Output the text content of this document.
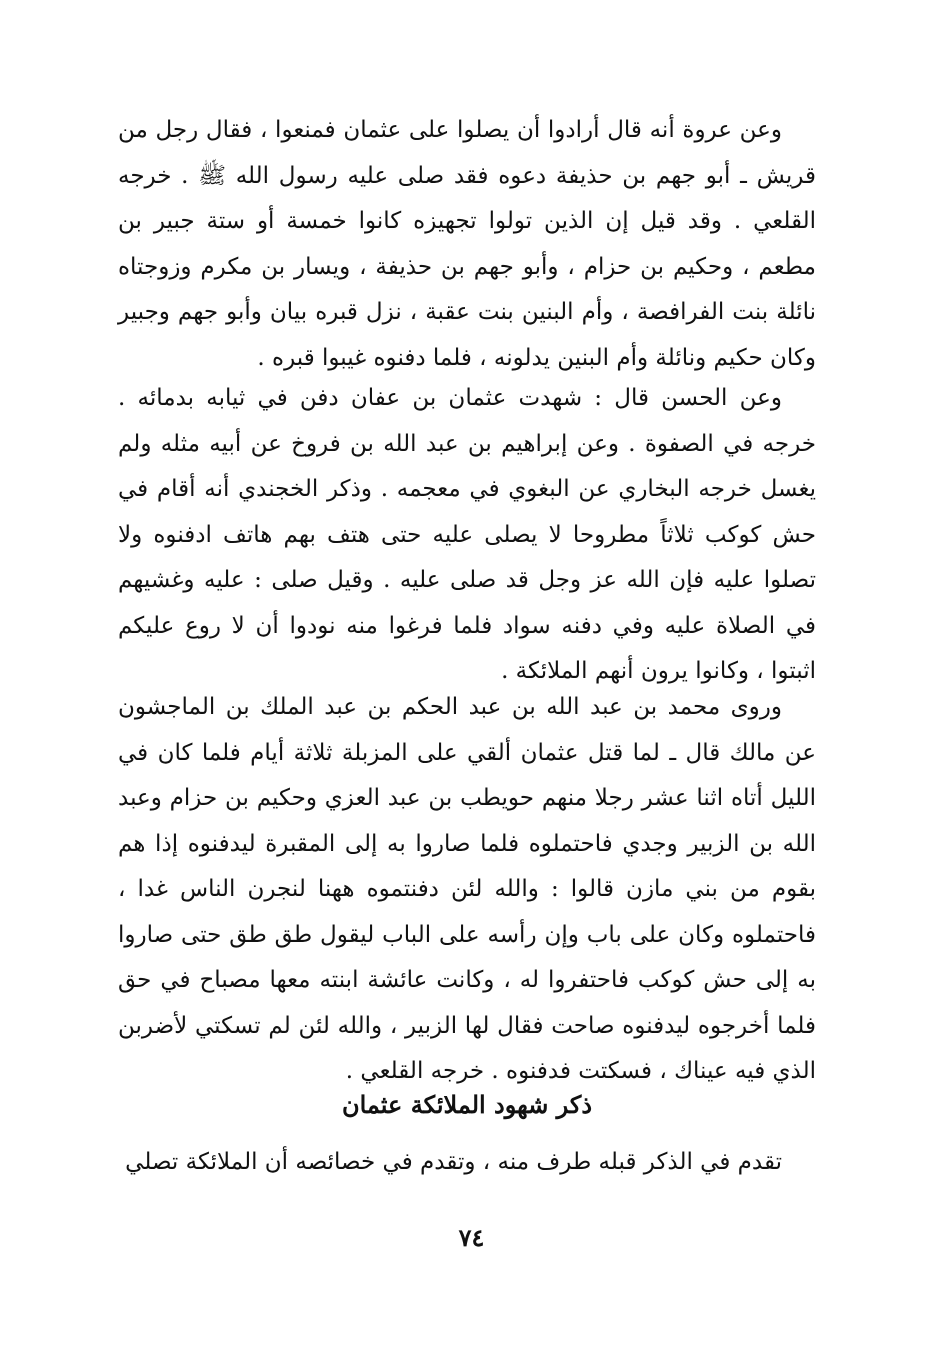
وعن عروة أنه قال أرادوا أن يصلوا على عثمان فمنعوا ، فقال رجل من قريش ـ أبو جهم بن حذيفة دعوه فقد صلى عليه رسول الله ﷺ . خرجه القلعي . وقد قيل إن الذين تولوا تجهيزه كانوا خمسة أو ستة جبير بن مطعم ، وحكيم بن حزام ، وأبو جهم بن حذيفة ، ويسار بن مكرم وزوجتاه نائلة بنت الفرافصة ، وأم البنين بنت عقبة ، نزل قبره بيان وأبو جهم وجبير وكان حكيم ونائلة وأم البنين يدلونه ، فلما دفنوه غيبوا قبره .

وعن الحسن قال : شهدت عثمان بن عفان دفن في ثيابه بدمائه . خرجه في الصفوة . وعن إبراهيم بن عبد الله بن فروخ عن أبيه مثله ولم يغسل خرجه البخاري عن البغوي في معجمه . وذكر الخجندي أنه أقام في حش كوكب ثلاثاً مطروحا لا يصلى عليه حتى هتف بهم هاتف ادفنوه ولا تصلوا عليه فإن الله عز وجل قد صلى عليه . وقيل صلى : عليه وغشيهم في الصلاة عليه وفي دفنه سواد فلما فرغوا منه نودوا أن لا روع عليكم اثبتوا ، وكانوا يرون أنهم الملائكة .

وروى محمد بن عبد الله بن عبد الحكم بن عبد الملك بن الماجشون عن مالك قال ـ لما قتل عثمان ألقي على المزبلة ثلاثة أيام فلما كان في الليل أتاه اثنا عشر رجلا منهم حويطب بن عبد العزي وحكيم بن حزام وعبد الله بن الزبير وجدي فاحتملوه فلما صاروا به إلى المقبرة ليدفنوه إذا هم بقوم من بني مازن قالوا : والله لئن دفنتموه ههنا لنجرن الناس غدا ، فاحتملوه وكان على باب وإن رأسه على الباب ليقول طق طق حتى صاروا به إلى حش كوكب فاحتفروا له ، وكانت عائشة ابنته معها مصباح في حق فلما أخرجوه ليدفنوه صاحت فقال لها الزبير ، والله لئن لم تسكتي لأضربن الذي فيه عيناك ، فسكتت فدفنوه . خرجه القلعي .

ذكر شهود الملائكة عثمان

تقدم في الذكر قبله طرف منه ، وتقدم في خصائصه أن الملائكة تصلي

٧٤
